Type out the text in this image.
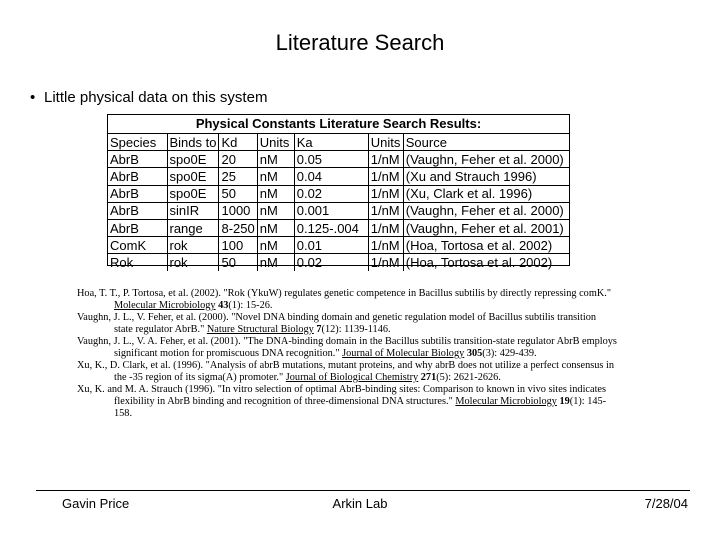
Literature Search
• Little physical data on this system
Physical Constants Literature Search Results:
Species	Binds to	Kd	Units	Ka	Units	Source
AbrB	spo0E	20	nM	0.05	1/nM	(Vaughn, Feher et al. 2000)
AbrB	spo0E	25	nM	0.04	1/nM	(Xu and Strauch 1996)
AbrB	spo0E	50	nM	0.02	1/nM	(Xu, Clark et al. 1996)
AbrB	sinIR	1000	nM	0.001	1/nM	(Vaughn, Feher et al. 2000)
AbrB	range	8-250	nM	0.125-.004	1/nM	(Vaughn, Feher et al. 2001)
ComK	rok	100	nM	0.01	1/nM	(Hoa, Tortosa et al. 2002)
Rok	rok	50	nM	0.02	1/nM	(Hoa, Tortosa et al. 2002)

Hoa, T. T., P. Tortosa, et al. (2002). "Rok (YkuW) regulates genetic competence in Bacillus subtilis by directly repressing comK." Molecular Microbiology 43(1): 15-26.

Vaughn, J. L., V. Feher, et al. (2000). "Novel DNA binding domain and genetic regulation model of Bacillus subtilis transition state regulator AbrB." Nature Structural Biology 7(12): 1139-1146.

Vaughn, J. L., V. A. Feher, et al. (2001). "The DNA-binding domain in the Bacillus subtilis transition-state regulator AbrB employs significant motion for promiscuous DNA recognition." Journal of Molecular Biology 305(3): 429-439.

Xu, K., D. Clark, et al. (1996). "Analysis of abrB mutations, mutant proteins, and why abrB does not utilize a perfect consensus in the -35 region of its sigma(A) promoter." Journal of Biological Chemistry 271(5): 2621-2626.

Xu, K. and M. A. Strauch (1996). "In vitro selection of optimal AbrB-binding sites: Comparison to known in vivo sites indicates flexibility in AbrB binding and recognition of three-dimensional DNA structures." Molecular Microbiology 19(1): 145-158.

Gavin Price	Arkin Lab	7/28/04
